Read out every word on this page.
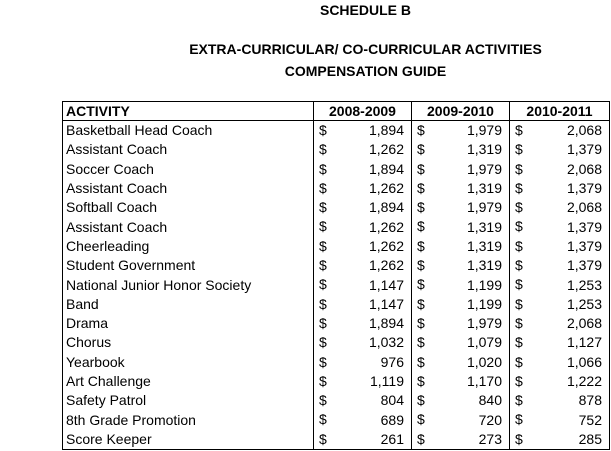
SCHEDULE B
EXTRA-CURRICULAR/ CO-CURRICULAR ACTIVITIES
COMPENSATION GUIDE
ACTIVITY	2008-2009	2009-2010	2010-2011
Basketball Head Coach	$ 1,894	$ 1,979	$ 2,068

Assistant Coach	$ 1,262	$ 1,319	$ 1,379

Soccer Coach	$ 1,894	$ 1,979	$ 2,068

Assistant Coach	$ 1,262	$ 1,319	$ 1,379

Softball Coach	$ 1,894	$ 1,979	$ 2,068

Assistant Coach	$ 1,262	$ 1,319	$ 1,379

Cheerleading	$ 1,262	$ 1,319	$ 1,379

Student Government	$ 1,262	$ 1,319	$ 1,379

National Junior Honor Society	$ 1,147	$ 1,199	$ 1,253

Band	$ 1,147	$ 1,199	$ 1,253

Drama	$ 1,894	$ 1,979	$ 2,068

Chorus	$ 1,032	$ 1,079	$ 1,127

Yearbook	$ 976	$ 1,020	$ 1,066

Art Challenge	$ 1,119	$ 1,170	$ 1,222

Safety Patrol	$ 804	$ 840	$ 878

8th Grade Promotion	$ 689	$ 720	$ 752

Score Keeper	$ 261	$ 273	$ 285
